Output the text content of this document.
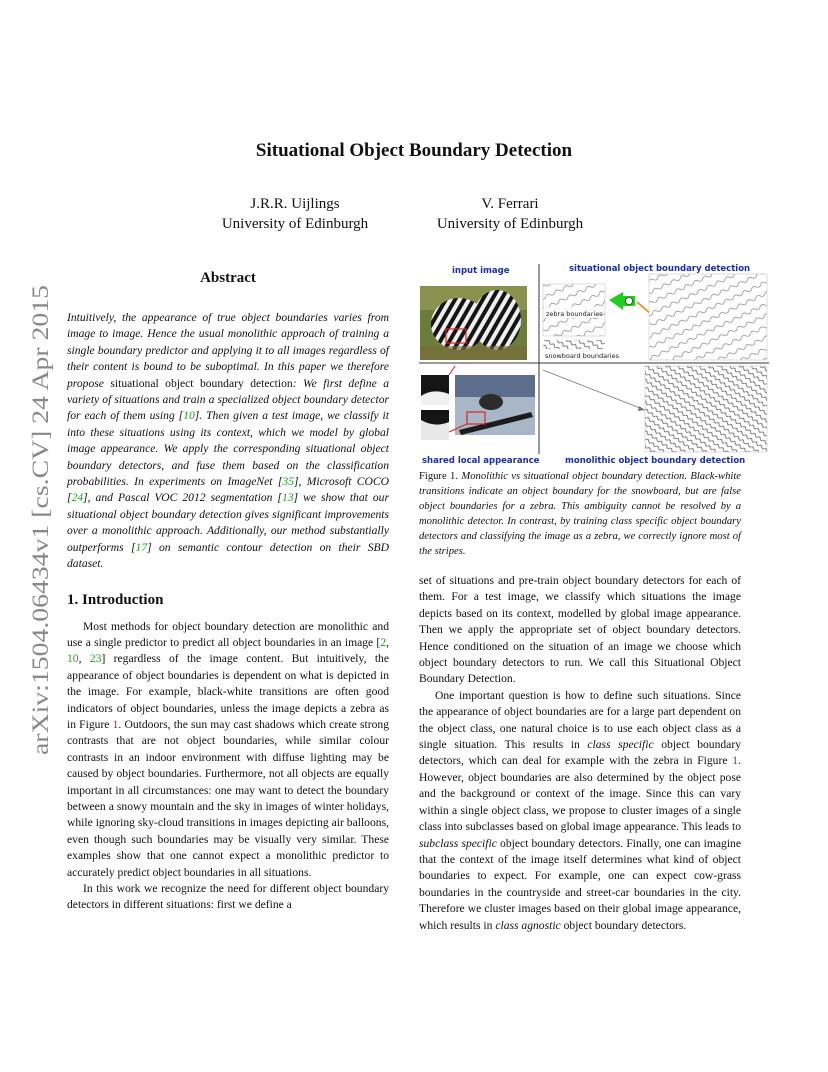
arXiv:1504.06434v1 [cs.CV] 24 Apr 2015
Situational Object Boundary Detection
J.R.R. Uijlings
University of Edinburgh
V. Ferrari
University of Edinburgh
Abstract

Intuitively, the appearance of true object boundaries varies from image to image. Hence the usual monolithic approach of training a single boundary predictor and applying it to all images regardless of their content is bound to be suboptimal. In this paper we therefore propose situational object boundary detection: We first define a variety of situations and train a specialized object boundary detector for each of them using [10]. Then given a test image, we classify it into these situations using its context, which we model by global image appearance. We apply the corresponding situational object boundary detectors, and fuse them based on the classification probabilities. In experiments on ImageNet [35], Microsoft COCO [24], and Pascal VOC 2012 segmentation [13] we show that our situational object boundary detection gives significant improvements over a monolithic approach. Additionally, our method substantially outperforms [17] on semantic contour detection on their SBD dataset.

1. Introduction

Most methods for object boundary detection are monolithic and use a single predictor to predict all object boundaries in an image [2, 10, 23] regardless of the image content. But intuitively, the appearance of object boundaries is dependent on what is depicted in the image. For example, black-white transitions are often good indicators of object boundaries, unless the image depicts a zebra as in Figure 1. Outdoors, the sun may cast shadows which create strong contrasts that are not object boundaries, while similar colour contrasts in an indoor environment with diffuse lighting may be caused by object boundaries. Furthermore, not all objects are equally important in all circumstances: one may want to detect the boundary between a snowy mountain and the sky in images of winter holidays, while ignoring sky-cloud transitions in images depicting air balloons, even though such boundaries may be visually very similar. These examples show that one cannot expect a monolithic predictor to accurately predict object boundaries in all situations.

In this work we recognize the need for different object boundary detectors in different situations: first we define a

input image	situational object boundary detection
shared local appearance	monolithic object boundary detection
zebra boundaries
snowboard boundaries
Figure 1. Monolithic vs situational object boundary detection. Black-white transitions indicate an object boundary for the snowboard, but are false object boundaries for a zebra. This ambiguity cannot be resolved by a monolithic detector. In contrast, by training class specific object boundary detectors and classifying the image as a zebra, we correctly ignore most of the stripes.

set of situations and pre-train object boundary detectors for each of them. For a test image, we classify which situations the image depicts based on its context, modelled by global image appearance. Then we apply the appropriate set of object boundary detectors. Hence conditioned on the situation of an image we choose which object boundary detectors to run. We call this Situational Object Boundary Detection.

One important question is how to define such situations. Since the appearance of object boundaries are for a large part dependent on the object class, one natural choice is to use each object class as a single situation. This results in class specific object boundary detectors, which can deal for example with the zebra in Figure 1. However, object boundaries are also determined by the object pose and the background or context of the image. Since this can vary within a single object class, we propose to cluster images of a single class into subclasses based on global image appearance. This leads to subclass specific object boundary detectors. Finally, one can imagine that the context of the image itself determines what kind of object boundaries to expect. For example, one can expect cow-grass boundaries in the countryside and street-car boundaries in the city. Therefore we cluster images based on their global image appearance, which results in class agnostic object boundary detectors.
